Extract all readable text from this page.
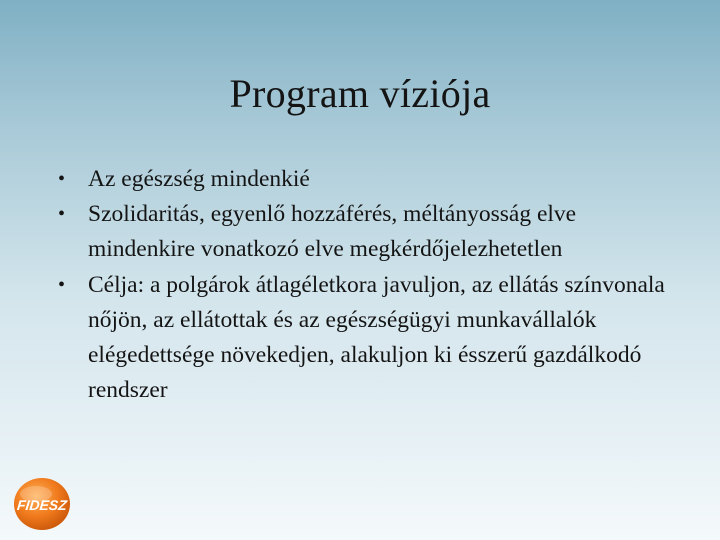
Program víziója
• Az egészség mindenkié
• Szolidaritás, egyenlő hozzáférés, méltányosság elve mindenkire vonatkozó elve megkérdőjelezhetetlen
• Célja: a polgárok átlagéletkora javuljon, az ellátás színvonala nőjön, az ellátottak és az egészségügyi munkavállalók elégedettsége növekedjen, alakuljon ki ésszerű gazdálkodó rendszer
FIDESZ
